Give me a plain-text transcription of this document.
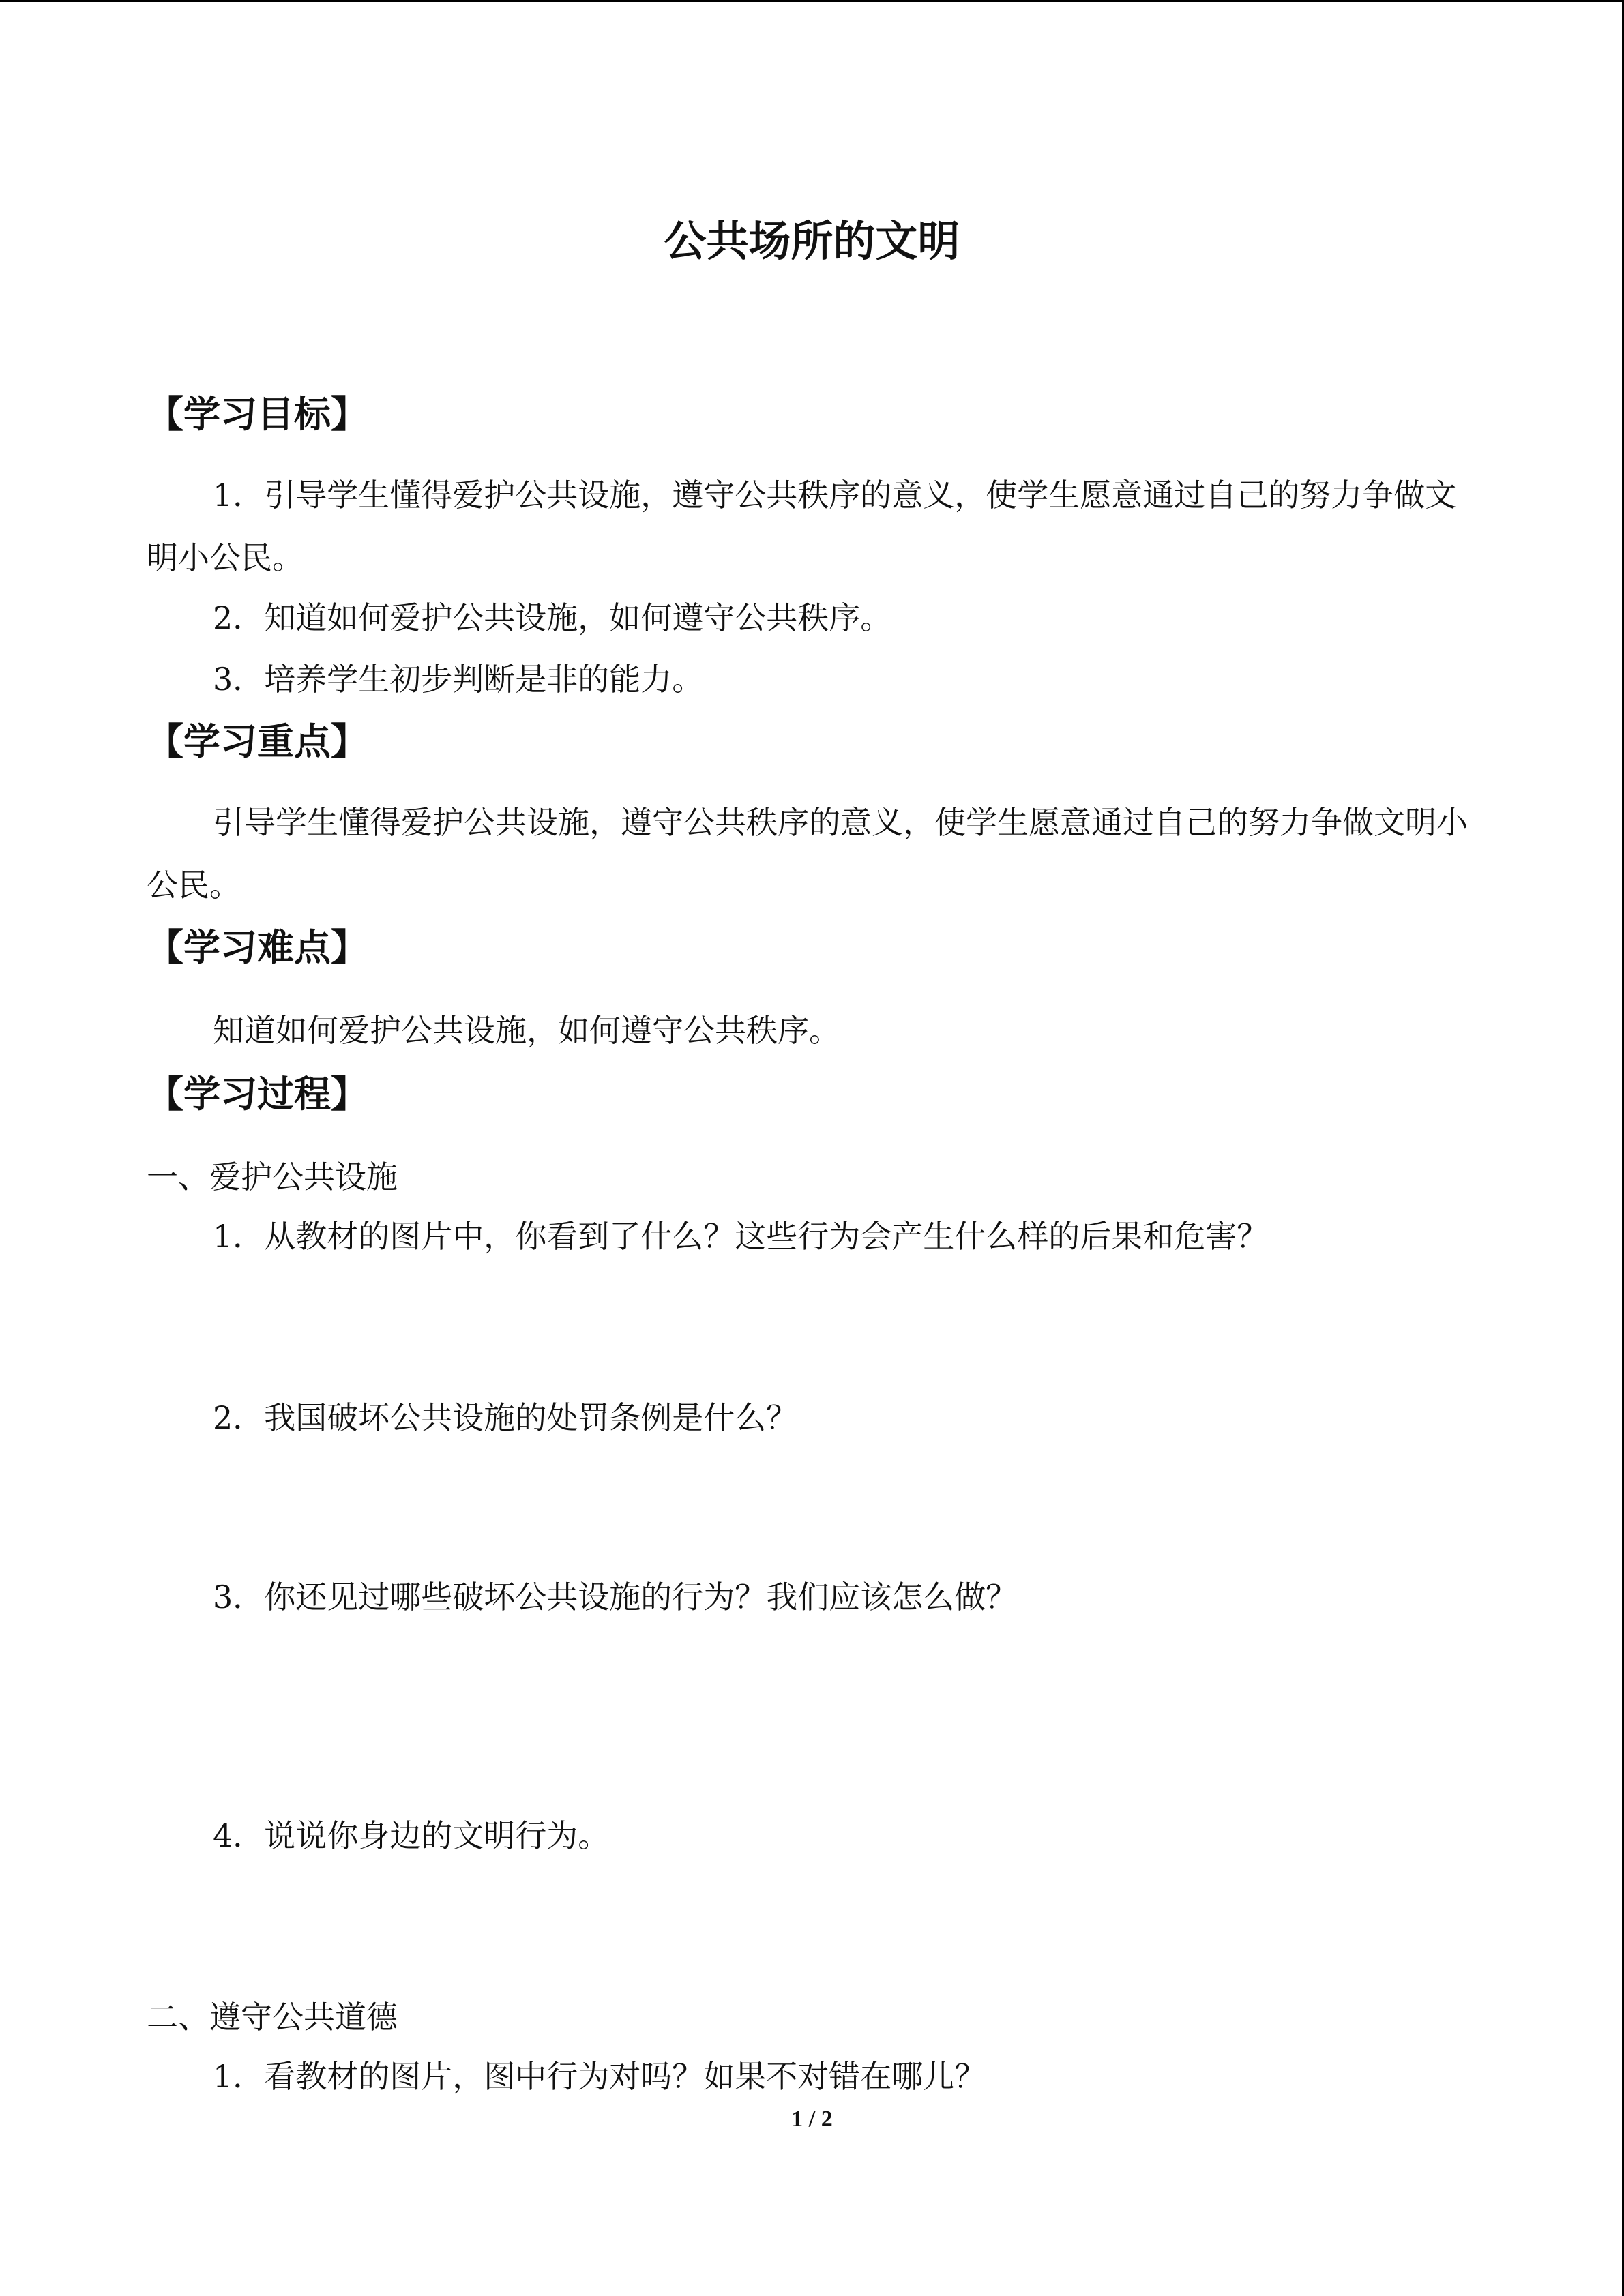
公共场所的文明
【学习目标】
1．引导学生懂得爱护公共设施，遵守公共秩序的意义，使学生愿意通过自己的努力争做文明小公民。
2．知道如何爱护公共设施，如何遵守公共秩序。
3．培养学生初步判断是非的能力。
【学习重点】
引导学生懂得爱护公共设施，遵守公共秩序的意义，使学生愿意通过自己的努力争做文明小公民。
【学习难点】
知道如何爱护公共设施，如何遵守公共秩序。
【学习过程】
一、爱护公共设施
1．从教材的图片中，你看到了什么？这些行为会产生什么样的后果和危害？
2．我国破坏公共设施的处罚条例是什么？
3．你还见过哪些破坏公共设施的行为？我们应该怎么做？
4．说说你身边的文明行为。
二、遵守公共道德
1．看教材的图片，图中行为对吗？如果不对错在哪儿？
1 / 2
